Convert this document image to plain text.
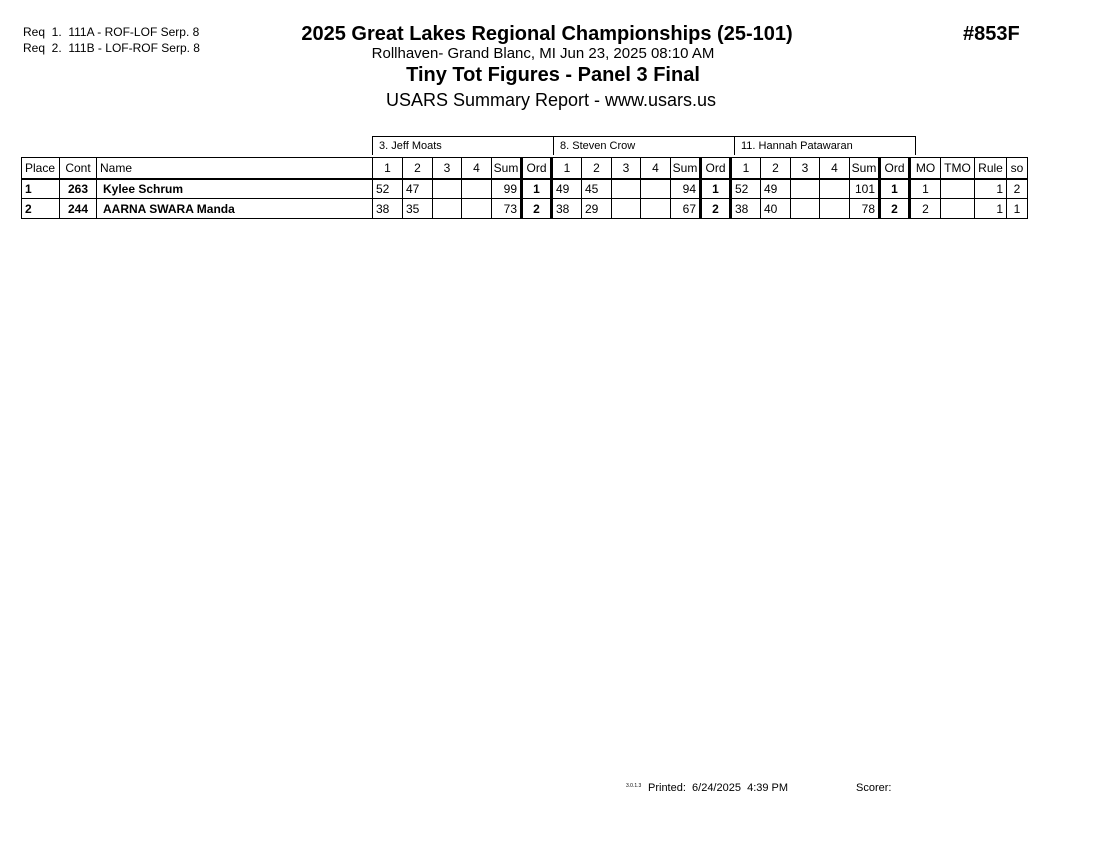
Req  1.  111A - ROF-LOF Serp. 8
Req  2.  111B - LOF-ROF Serp. 8
2025 Great Lakes Regional Championships (25-101)
Rollhaven- Grand Blanc, MI Jun 23, 2025 08:10 AM
Tiny Tot Figures - Panel 3 Final
USARS Summary Report - www.usars.us
#853F
3. Jeff Moats	8. Steven Crow	11. Hannah Patawaran
Place	Cont	Name	1	2	3	4	Sum	Ord	1	2	3	4	Sum	Ord	1	2	3	4	Sum	Ord	MO	TMO	Rule	so
1	263	Kylee Schrum	52	47			99	1	49	45			94	1	52	49			101	1	1		1	2
2	244	AARNA SWARA Manda	38	35			73	2	38	29			67	2	38	40			78	2	2		1	1
3.0.1.3 Printed:  6/24/2025  4:39 PM	Scorer:
